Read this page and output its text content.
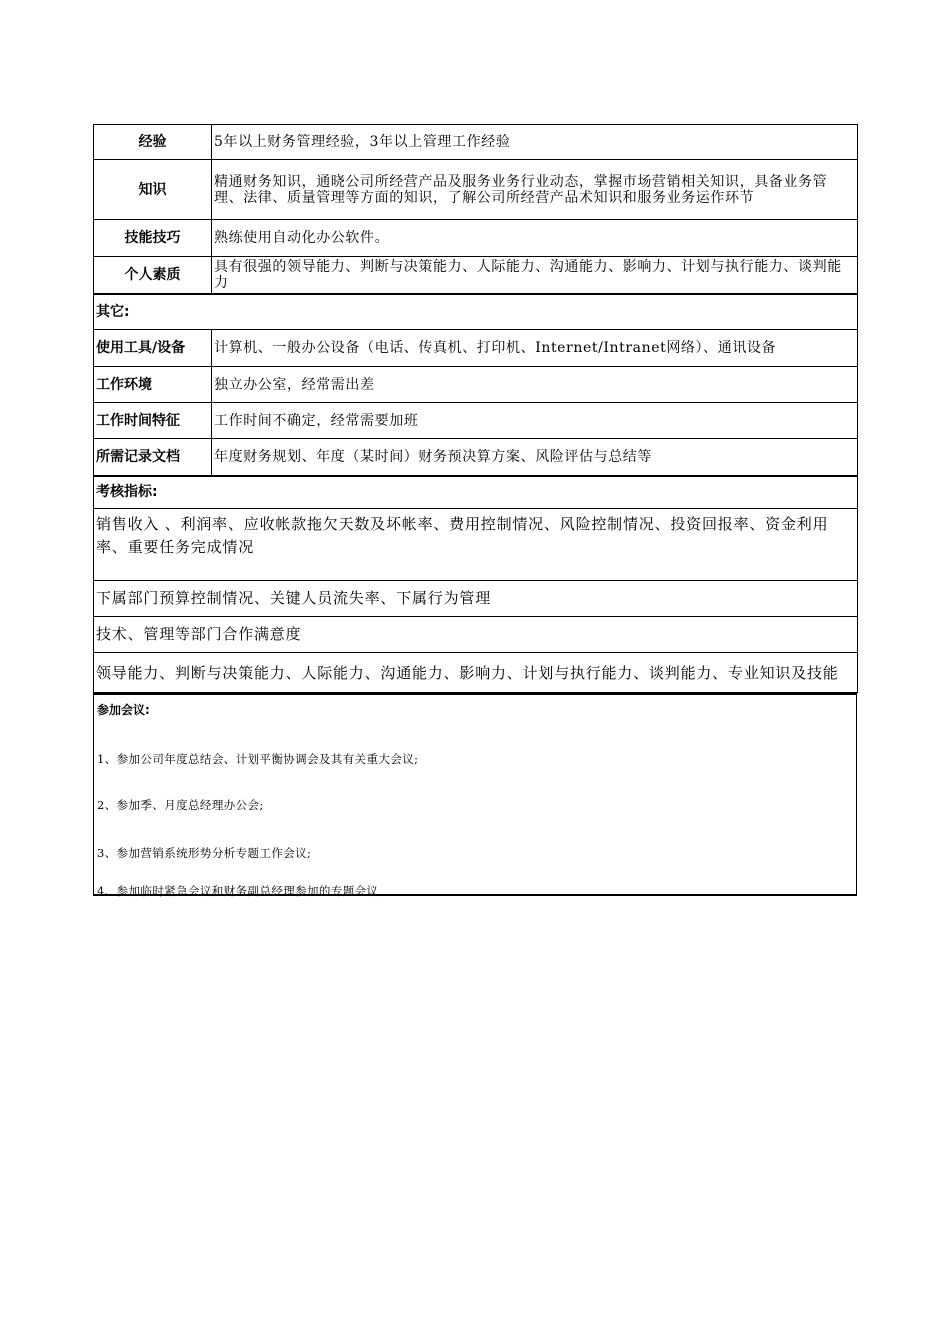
经验	5年以上财务管理经验，3年以上管理工作经验
知识	精通财务知识，通晓公司所经营产品及服务业务行业动态，掌握市场营销相关知识，具备业务管理、法律、质量管理等方面的知识，了解公司所经营产品术知识和服务业务运作环节
技能技巧	熟练使用自动化办公软件。
个人素质	具有很强的领导能力、判断与决策能力、人际能力、沟通能力、影响力、计划与执行能力、谈判能力
其它:	
使用工具/设备	计算机、一般办公设备（电话、传真机、打印机、Internet/Intranet网络）、通讯设备
工作环境	独立办公室，经常需出差
工作时间特征	工作时间不确定，经常需要加班
所需记录文档	年度财务规划、年度（某时间）财务预决算方案、风险评估与总结等
考核指标:	
销售收入 、利润率、应收帐款拖欠天数及坏帐率、费用控制情况、风险控制情况、投资回报率、资金利用率、重要任务完成情况	
下属部门预算控制情况、关键人员流失率、下属行为管理	
技术、管理等部门合作满意度	
领导能力、判断与决策能力、人际能力、沟通能力、影响力、计划与执行能力、谈判能力、专业知识及技能	
参加会议:
1、参加公司年度总结会、计划平衡协调会及其有关重大会议;
2、参加季、月度总经理办公会;
3、参加营销系统形势分析专题工作会议;
4、参加临时紧急会议和财务副总经理参加的专题会议
